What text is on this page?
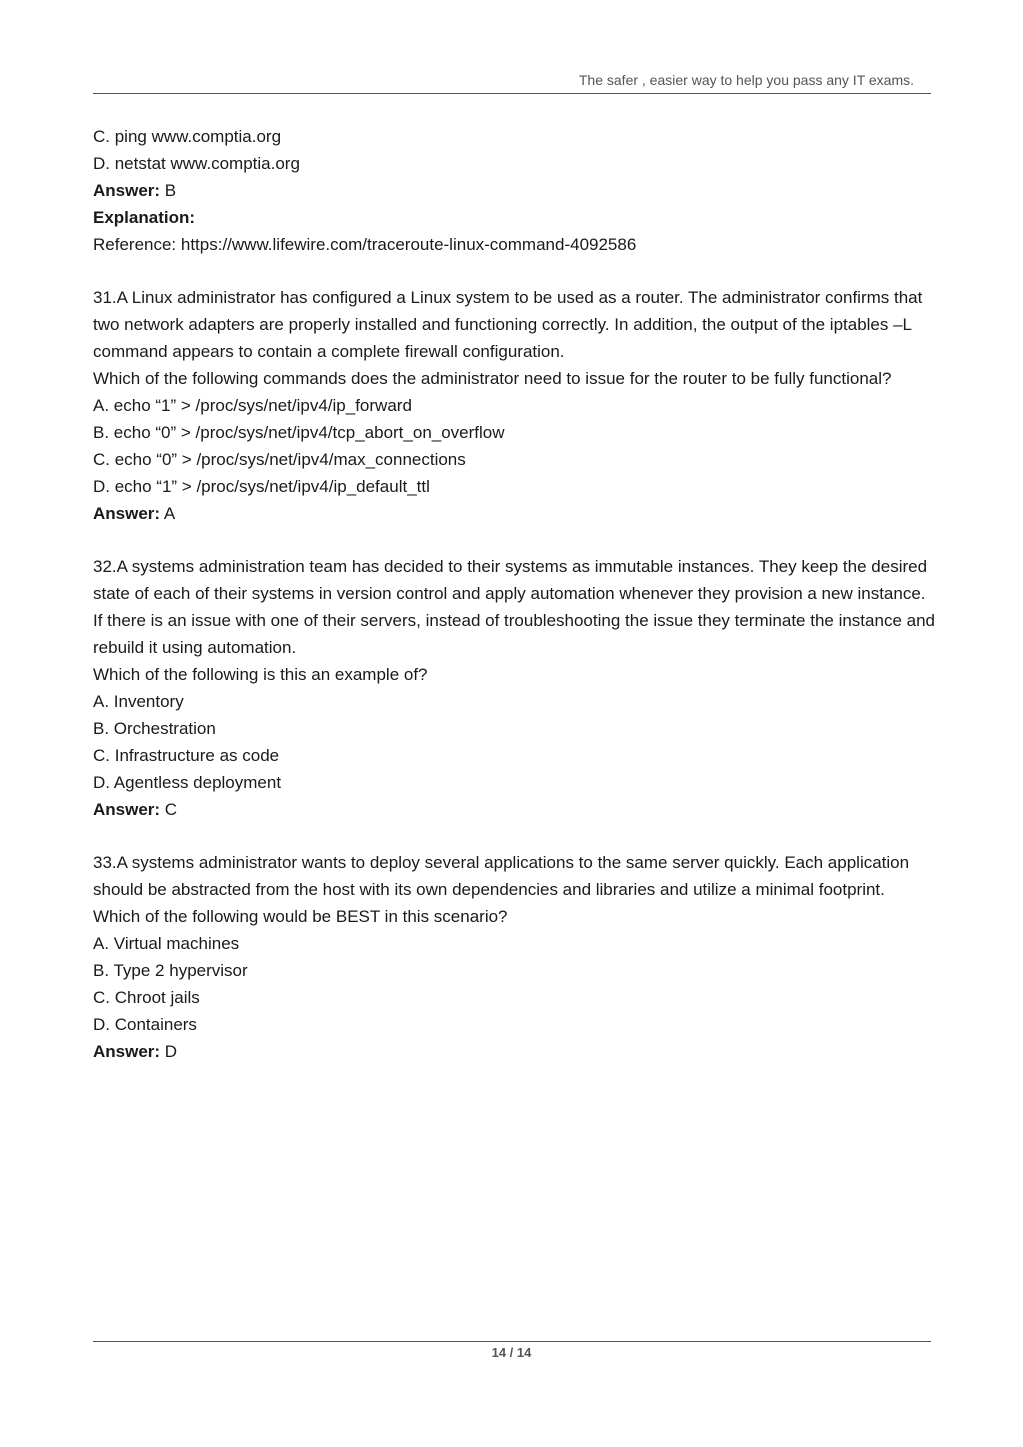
The safer , easier way to help you pass any IT exams.

C. ping www.comptia.org

D. netstat www.comptia.org

Answer: B

Explanation:

Reference: https://www.lifewire.com/traceroute-linux-command-4092586

31.A Linux administrator has configured a Linux system to be used as a router. The administrator confirms that two network adapters are properly installed and functioning correctly. In addition, the output of the iptables –L command appears to contain a complete firewall configuration.

Which of the following commands does the administrator need to issue for the router to be fully functional?

A. echo “1” > /proc/sys/net/ipv4/ip_forward

B. echo “0” > /proc/sys/net/ipv4/tcp_abort_on_overflow

C. echo “0” > /proc/sys/net/ipv4/max_connections

D. echo “1” > /proc/sys/net/ipv4/ip_default_ttl

Answer: A

32.A systems administration team has decided to their systems as immutable instances. They keep the desired state of each of their systems in version control and apply automation whenever they provision a new instance. If there is an issue with one of their servers, instead of troubleshooting the issue they terminate the instance and rebuild it using automation.

Which of the following is this an example of?

A. Inventory

B. Orchestration

C. Infrastructure as code

D. Agentless deployment

Answer: C

33.A systems administrator wants to deploy several applications to the same server quickly. Each application should be abstracted from the host with its own dependencies and libraries and utilize a minimal footprint.

Which of the following would be BEST in this scenario?

A. Virtual machines

B. Type 2 hypervisor

C. Chroot jails

D. Containers

Answer: D

14 / 14
